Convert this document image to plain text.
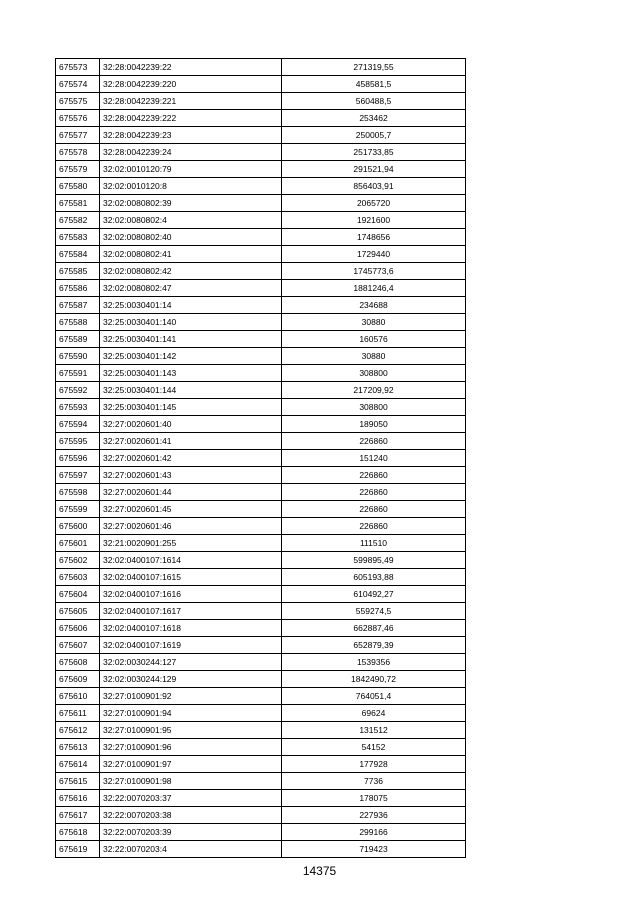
675573	32:28:0042239:22	271319,55
675574	32:28:0042239:220	458581,5
675575	32:28:0042239:221	560488,5
675576	32:28:0042239:222	253462
675577	32:28:0042239:23	250005,7
675578	32:28:0042239:24	251733,85
675579	32:02:0010120:79	291521,94
675580	32:02:0010120:8	856403,91
675581	32:02:0080802:39	2065720
675582	32:02:0080802:4	1921600
675583	32:02:0080802:40	1748656
675584	32:02:0080802:41	1729440
675585	32:02:0080802:42	1745773,6
675586	32:02:0080802:47	1881246,4
675587	32:25:0030401:14	234688
675588	32:25:0030401:140	30880
675589	32:25:0030401:141	160576
675590	32:25:0030401:142	30880
675591	32:25:0030401:143	308800
675592	32:25:0030401:144	217209,92
675593	32:25:0030401:145	308800
675594	32:27:0020601:40	189050
675595	32:27:0020601:41	226860
675596	32:27:0020601:42	151240
675597	32:27:0020601:43	226860
675598	32:27:0020601:44	226860
675599	32:27:0020601:45	226860
675600	32:27:0020601:46	226860
675601	32:21:0020901:255	111510
675602	32:02:0400107:1614	599895,49
675603	32:02:0400107:1615	605193,88
675604	32:02:0400107:1616	610492,27
675605	32:02:0400107:1617	559274,5
675606	32:02:0400107:1618	662887,46
675607	32:02:0400107:1619	652879,39
675608	32:02:0030244:127	1539356
675609	32:02:0030244:129	1842490,72
675610	32:27:0100901:92	764051,4
675611	32:27:0100901:94	69624
675612	32:27:0100901:95	131512
675613	32:27:0100901:96	54152
675614	32:27:0100901:97	177928
675615	32:27:0100901:98	7736
675616	32:22:0070203:37	178075
675617	32:22:0070203:38	227936
675618	32:22:0070203:39	299166
675619	32:22:0070203:4	719423
14375
